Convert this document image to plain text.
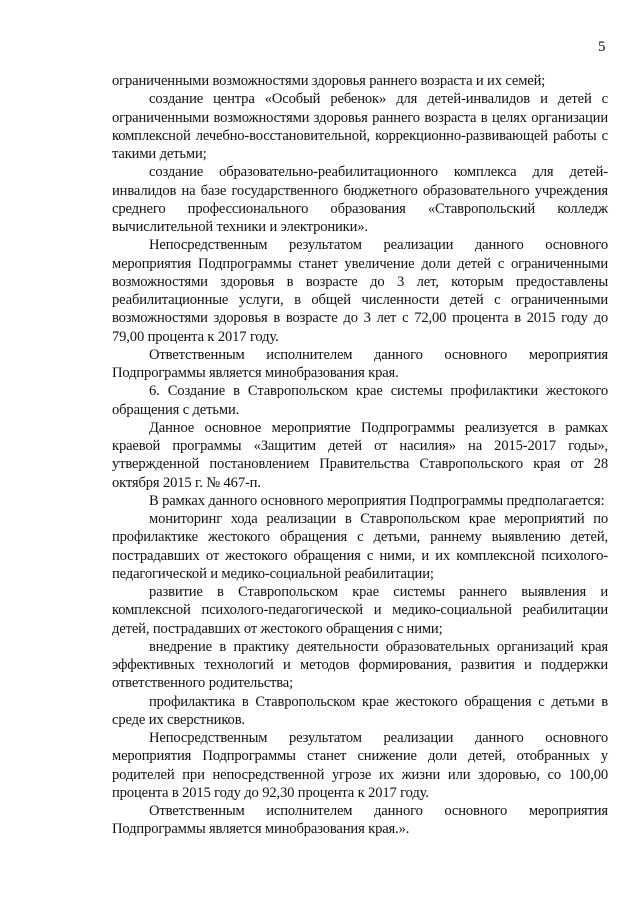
5

ограниченными возможностями здоровья раннего возраста и их семей;

создание центра «Особый ребенок» для детей-инвалидов и детей с ограниченными возможностями здоровья раннего возраста в целях организации комплексной лечебно-восстановительной, коррекционно-развивающей работы с такими детьми;

создание образовательно-реабилитационного комплекса для детей-инвалидов на базе государственного бюджетного образовательного учреждения среднего профессионального образования «Ставропольский колледж вычислительной техники и электроники».

Непосредственным результатом реализации данного основного мероприятия Подпрограммы станет увеличение доли детей с ограниченными возможностями здоровья в возрасте до 3 лет, которым предоставлены реабилитационные услуги, в общей численности детей с ограниченными возможностями здоровья в возрасте до 3 лет с 72,00 процента в 2015 году до 79,00 процента к 2017 году.

Ответственным исполнителем данного основного мероприятия Подпрограммы является минобразования края.

6. Создание в Ставропольском крае системы профилактики жестокого обращения с детьми.

Данное основное мероприятие Подпрограммы реализуется в рамках краевой программы «Защитим детей от насилия» на 2015-2017 годы», утвержденной постановлением Правительства Ставропольского края от 28 октября 2015 г. № 467-п.

В рамках данного основного мероприятия Подпрограммы предполагается:

мониторинг хода реализации в Ставропольском крае мероприятий по профилактике жестокого обращения с детьми, раннему выявлению детей, пострадавших от жестокого обращения с ними, и их комплексной психолого-педагогической и медико-социальной реабилитации;

развитие в Ставропольском крае системы раннего выявления и комплексной психолого-педагогической и медико-социальной реабилитации детей, пострадавших от жестокого обращения с ними;

внедрение в практику деятельности образовательных организаций края эффективных технологий и методов формирования, развития и поддержки ответственного родительства;

профилактика в Ставропольском крае жестокого обращения с детьми в среде их сверстников.

Непосредственным результатом реализации данного основного мероприятия Подпрограммы станет снижение доли детей, отобранных у родителей при непосредственной угрозе их жизни или здоровью, со 100,00 процента в 2015 году до 92,30 процента к 2017 году.

Ответственным исполнителем данного основного мероприятия Подпрограммы является минобразования края.».
